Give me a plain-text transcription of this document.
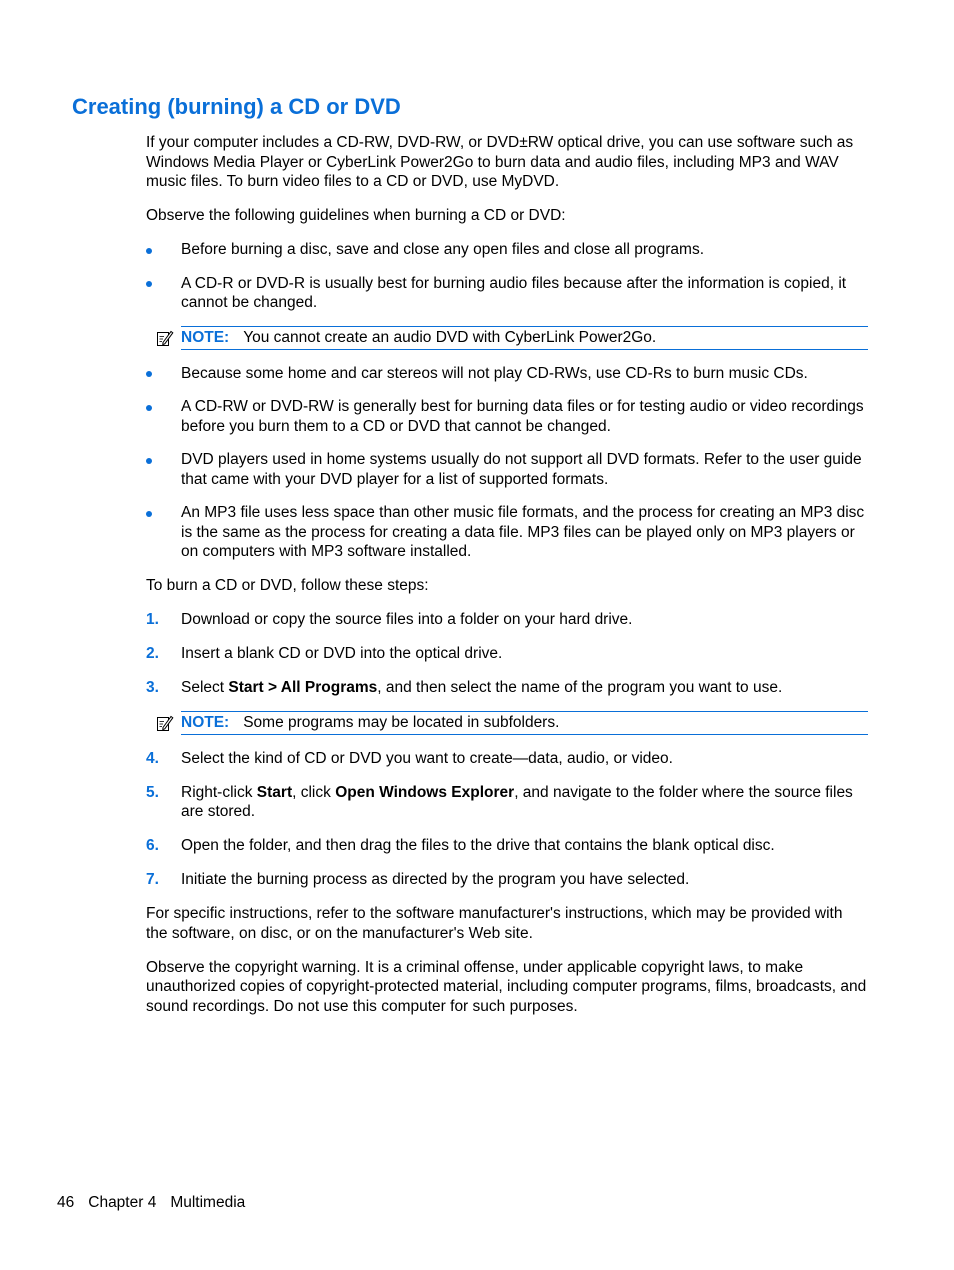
Creating (burning) a CD or DVD

If your computer includes a CD-RW, DVD-RW, or DVD±RW optical drive, you can use software such as Windows Media Player or CyberLink Power2Go to burn data and audio files, including MP3 and WAV music files. To burn video files to a CD or DVD, use MyDVD.

Observe the following guidelines when burning a CD or DVD:

Before burning a disc, save and close any open files and close all programs.
A CD-R or DVD-R is usually best for burning audio files because after the information is copied, it cannot be changed.
NOTE: You cannot create an audio DVD with CyberLink Power2Go.
Because some home and car stereos will not play CD-RWs, use CD-Rs to burn music CDs.
A CD-RW or DVD-RW is generally best for burning data files or for testing audio or video recordings before you burn them to a CD or DVD that cannot be changed.
DVD players used in home systems usually do not support all DVD formats. Refer to the user guide that came with your DVD player for a list of supported formats.
An MP3 file uses less space than other music file formats, and the process for creating an MP3 disc is the same as the process for creating a data file. MP3 files can be played only on MP3 players or on computers with MP3 software installed.

To burn a CD or DVD, follow these steps:

1. Download or copy the source files into a folder on your hard drive.
2. Insert a blank CD or DVD into the optical drive.
3. Select Start > All Programs, and then select the name of the program you want to use.
NOTE: Some programs may be located in subfolders.
4. Select the kind of CD or DVD you want to create—data, audio, or video.
5. Right-click Start, click Open Windows Explorer, and navigate to the folder where the source files are stored.
6. Open the folder, and then drag the files to the drive that contains the blank optical disc.
7. Initiate the burning process as directed by the program you have selected.

For specific instructions, refer to the software manufacturer's instructions, which may be provided with the software, on disc, or on the manufacturer's Web site.

Observe the copyright warning. It is a criminal offense, under applicable copyright laws, to make unauthorized copies of copyright-protected material, including computer programs, films, broadcasts, and sound recordings. Do not use this computer for such purposes.

46 Chapter 4 Multimedia
